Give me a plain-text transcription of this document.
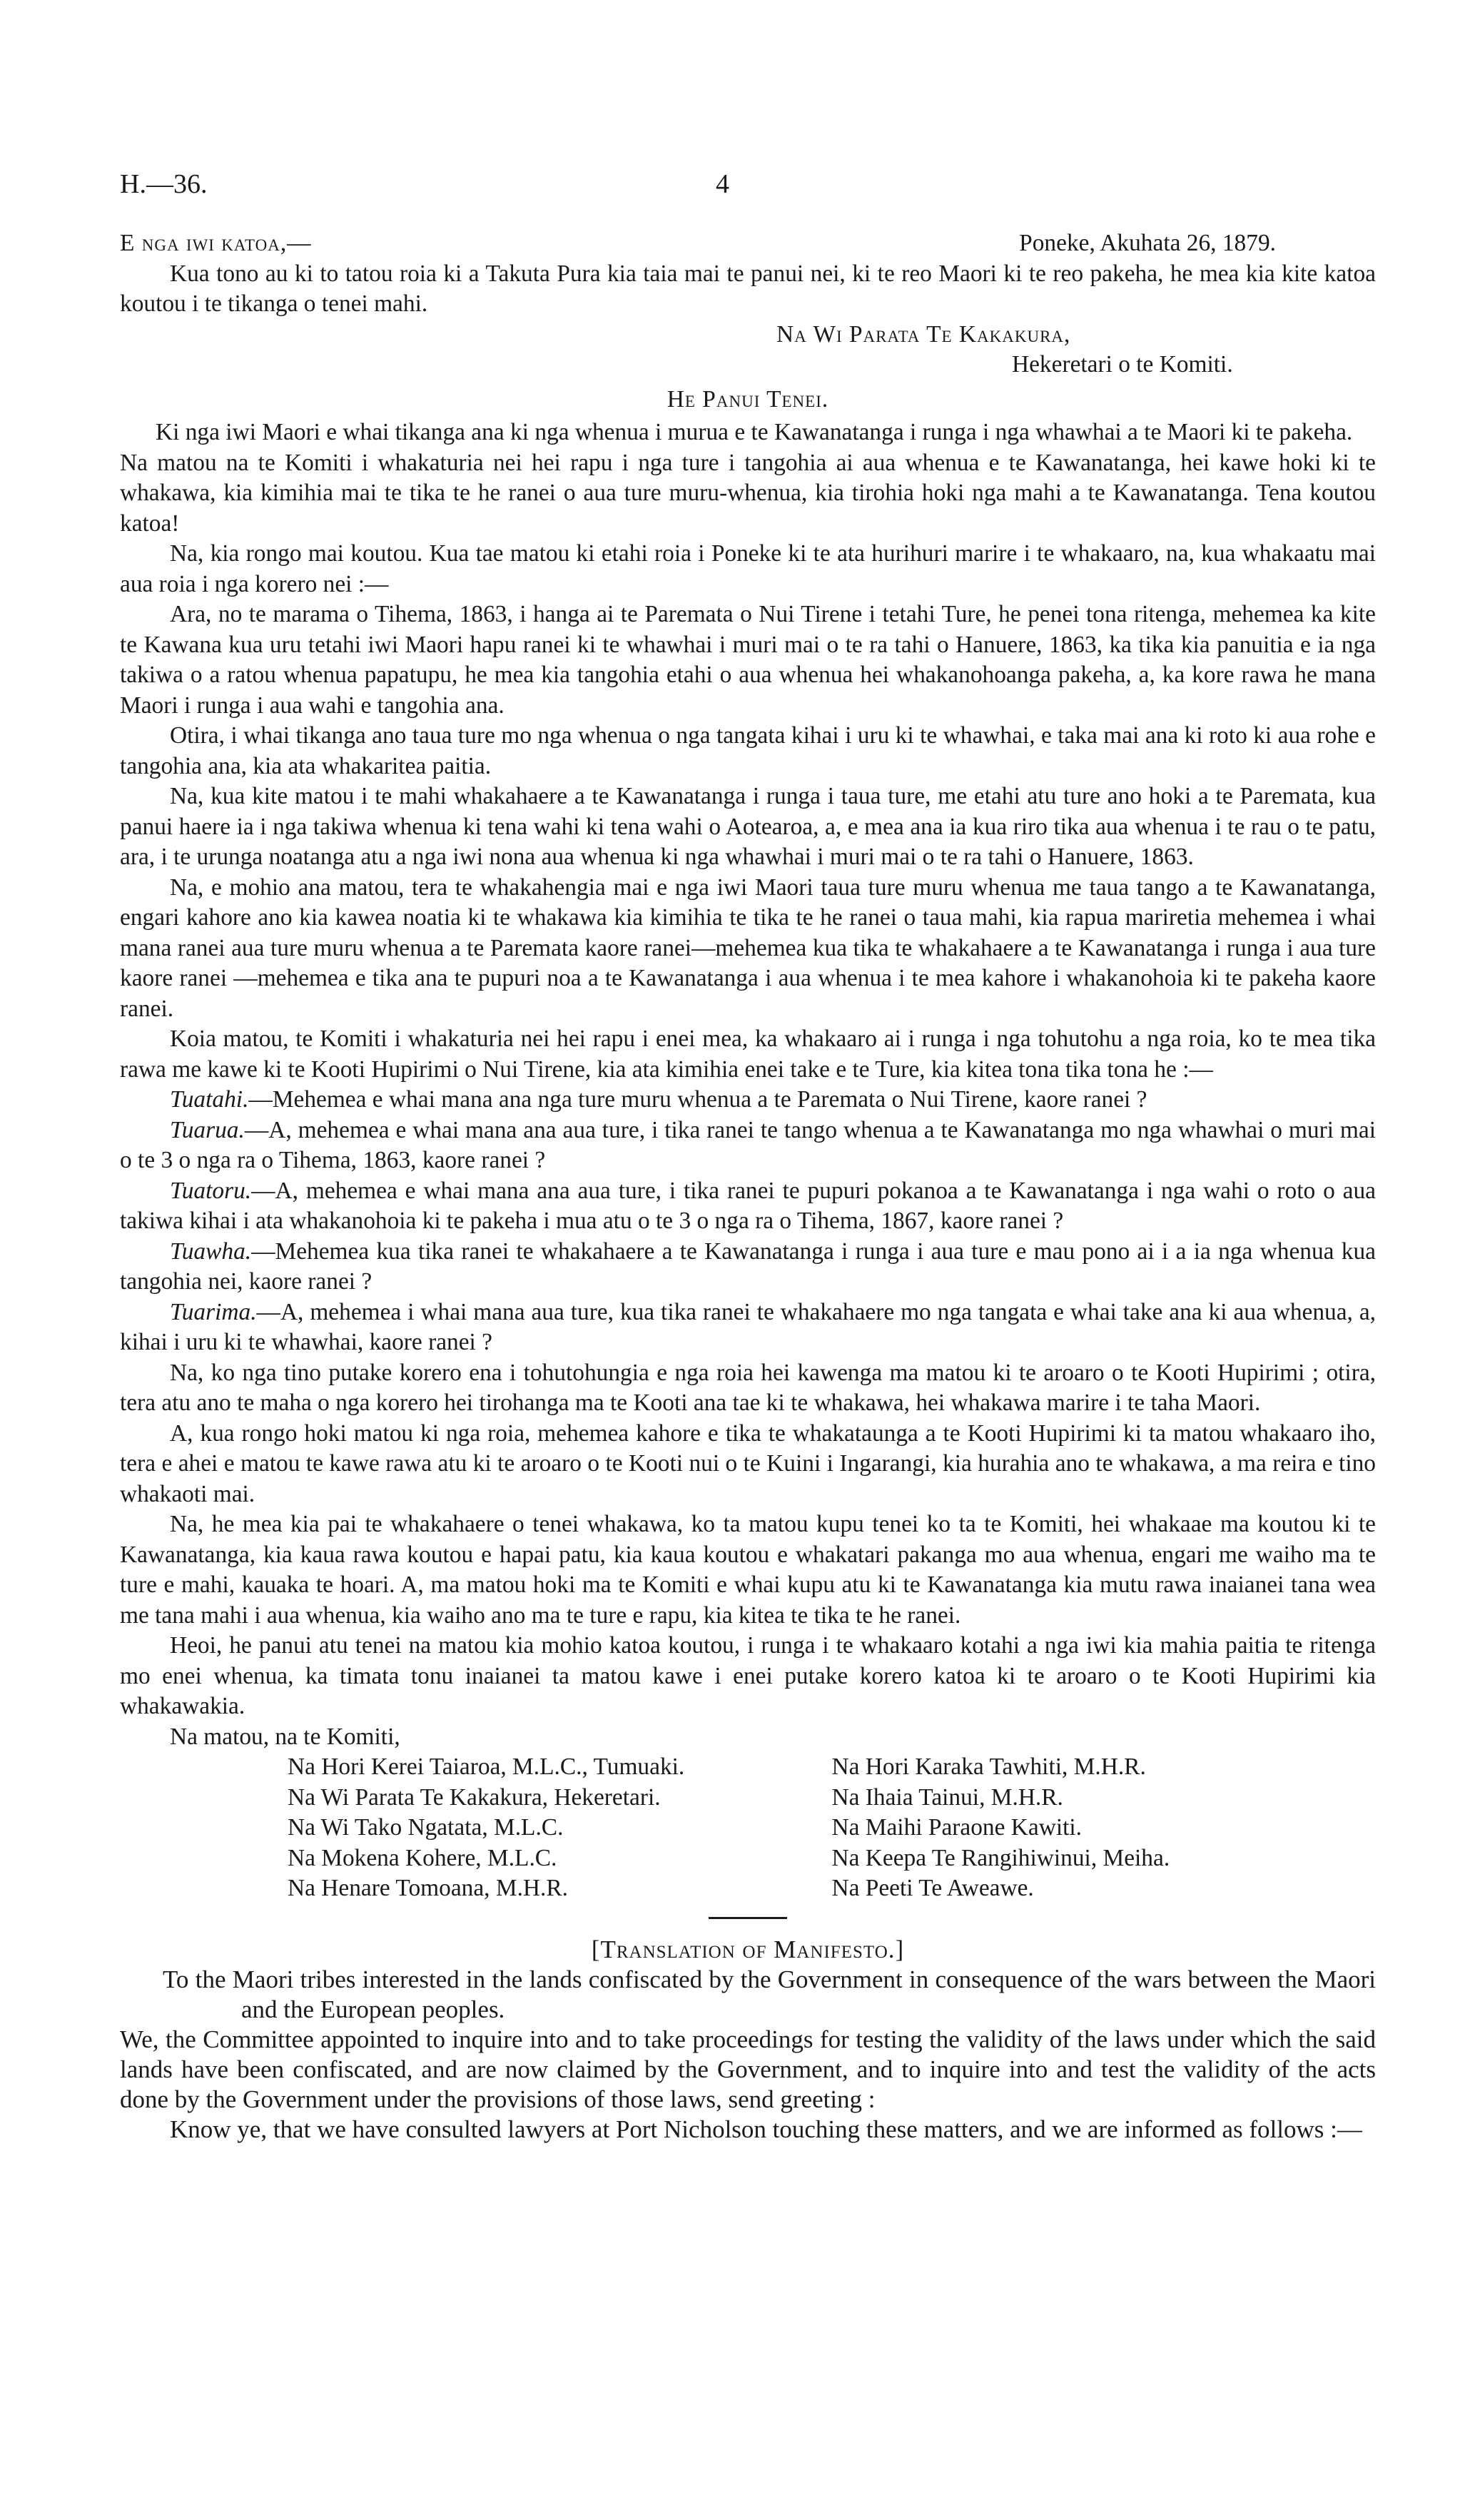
H.—36.	4
E nga iwi katoa,—	Poneke, Akuhata 26, 1879.

Kua tono au ki to tatou roia ki a Takuta Pura kia taia mai te panui nei, ki te reo Maori ki te reo pakeha, he mea kia kite katoa koutou i te tikanga o tenei mahi.

Na Wi Parata Te Kakakura,

Hekeretari o te Komiti.

He Panui Tenei.

Ki nga iwi Maori e whai tikanga ana ki nga whenua i murua e te Kawanatanga i runga i nga whawhai a te Maori ki te pakeha.

Na matou na te Komiti i whakaturia nei hei rapu i nga ture i tangohia ai aua whenua e te Kawanatanga, hei kawe hoki ki te whakawa, kia kimihia mai te tika te he ranei o aua ture muru-whenua, kia tirohia hoki nga mahi a te Kawanatanga. Tena koutou katoa!

Na, kia rongo mai koutou. Kua tae matou ki etahi roia i Poneke ki te ata hurihuri marire i te whakaaro, na, kua whakaatu mai aua roia i nga korero nei :—

Ara, no te marama o Tihema, 1863, i hanga ai te Paremata o Nui Tirene i tetahi Ture, he penei tona ritenga, mehemea ka kite te Kawana kua uru tetahi iwi Maori hapu ranei ki te whawhai i muri mai o te ra tahi o Hanuere, 1863, ka tika kia panuitia e ia nga takiwa o a ratou whenua papatupu, he mea kia tangohia etahi o aua whenua hei whakanohoanga pakeha, a, ka kore rawa he mana Maori i runga i aua wahi e tangohia ana.

Otira, i whai tikanga ano taua ture mo nga whenua o nga tangata kihai i uru ki te whawhai, e taka mai ana ki roto ki aua rohe e tangohia ana, kia ata whakaritea paitia.

Na, kua kite matou i te mahi whakahaere a te Kawanatanga i runga i taua ture, me etahi atu ture ano hoki a te Paremata, kua panui haere ia i nga takiwa whenua ki tena wahi ki tena wahi o Aotearoa, a, e mea ana ia kua riro tika aua whenua i te rau o te patu, ara, i te urunga noatanga atu a nga iwi nona aua whenua ki nga whawhai i muri mai o te ra tahi o Hanuere, 1863.

Na, e mohio ana matou, tera te whakahengia mai e nga iwi Maori taua ture muru whenua me taua tango a te Kawanatanga, engari kahore ano kia kawea noatia ki te whakawa kia kimihia te tika te he ranei o taua mahi, kia rapua mariretia mehemea i whai mana ranei aua ture muru whenua a te Paremata kaore ranei—mehemea kua tika te whakahaere a te Kawanatanga i runga i aua ture kaore ranei —mehemea e tika ana te pupuri noa a te Kawanatanga i aua whenua i te mea kahore i whakanohoia ki te pakeha kaore ranei.

Koia matou, te Komiti i whakaturia nei hei rapu i enei mea, ka whakaaro ai i runga i nga tohutohu a nga roia, ko te mea tika rawa me kawe ki te Kooti Hupirimi o Nui Tirene, kia ata kimihia enei take e te Ture, kia kitea tona tika tona he :—

Tuatahi.—Mehemea e whai mana ana nga ture muru whenua a te Paremata o Nui Tirene, kaore ranei ?

Tuarua.—A, mehemea e whai mana ana aua ture, i tika ranei te tango whenua a te Kawanatanga mo nga whawhai o muri mai o te 3 o nga ra o Tihema, 1863, kaore ranei ?

Tuatoru.—A, mehemea e whai mana ana aua ture, i tika ranei te pupuri pokanoa a te Kawanatanga i nga wahi o roto o aua takiwa kihai i ata whakanohoia ki te pakeha i mua atu o te 3 o nga ra o Tihema, 1867, kaore ranei ?

Tuawha.—Mehemea kua tika ranei te whakahaere a te Kawanatanga i runga i aua ture e mau pono ai i a ia nga whenua kua tangohia nei, kaore ranei ?

Tuarima.—A, mehemea i whai mana aua ture, kua tika ranei te whakahaere mo nga tangata e whai take ana ki aua whenua, a, kihai i uru ki te whawhai, kaore ranei ?

Na, ko nga tino putake korero ena i tohutohungia e nga roia hei kawenga ma matou ki te aroaro o te Kooti Hupirimi ; otira, tera atu ano te maha o nga korero hei tirohanga ma te Kooti ana tae ki te whakawa, hei whakawa marire i te taha Maori.

A, kua rongo hoki matou ki nga roia, mehemea kahore e tika te whakataunga a te Kooti Hupirimi ki ta matou whakaaro iho, tera e ahei e matou te kawe rawa atu ki te aroaro o te Kooti nui o te Kuini i Ingarangi, kia hurahia ano te whakawa, a ma reira e tino whakaoti mai.

Na, he mea kia pai te whakahaere o tenei whakawa, ko ta matou kupu tenei ko ta te Komiti, hei whakaae ma koutou ki te Kawanatanga, kia kaua rawa koutou e hapai patu, kia kaua koutou e whakatari pakanga mo aua whenua, engari me waiho ma te ture e mahi, kauaka te hoari. A, ma matou hoki ma te Komiti e whai kupu atu ki te Kawanatanga kia mutu rawa inaianei tana wea me tana mahi i aua whenua, kia waiho ano ma te ture e rapu, kia kitea te tika te he ranei.

Heoi, he panui atu tenei na matou kia mohio katoa koutou, i runga i te whakaaro kotahi a nga iwi kia mahia paitia te ritenga mo enei whenua, ka timata tonu inaianei ta matou kawe i enei putake korero katoa ki te aroaro o te Kooti Hupirimi kia whakawakia.

Na matou, na te Komiti,

Na Hori Kerei Taiaroa, M.L.C., Tumuaki.
Na Wi Parata Te Kakakura, Hekeretari.
Na Wi Tako Ngatata, M.L.C.
Na Mokena Kohere, M.L.C.
Na Henare Tomoana, M.H.R.
Na Hori Karaka Tawhiti, M.H.R.
Na Ihaia Tainui, M.H.R.
Na Maihi Paraone Kawiti.
Na Keepa Te Rangihiwinui, Meiha.
Na Peeti Te Aweawe.

[Translation of Manifesto.]

To the Maori tribes interested in the lands confiscated by the Government in consequence of the wars between the Maori and the European peoples.

We, the Committee appointed to inquire into and to take proceedings for testing the validity of the laws under which the said lands have been confiscated, and are now claimed by the Government, and to inquire into and test the validity of the acts done by the Government under the provisions of those laws, send greeting :

Know ye, that we have consulted lawyers at Port Nicholson touching these matters, and we are informed as follows :—
